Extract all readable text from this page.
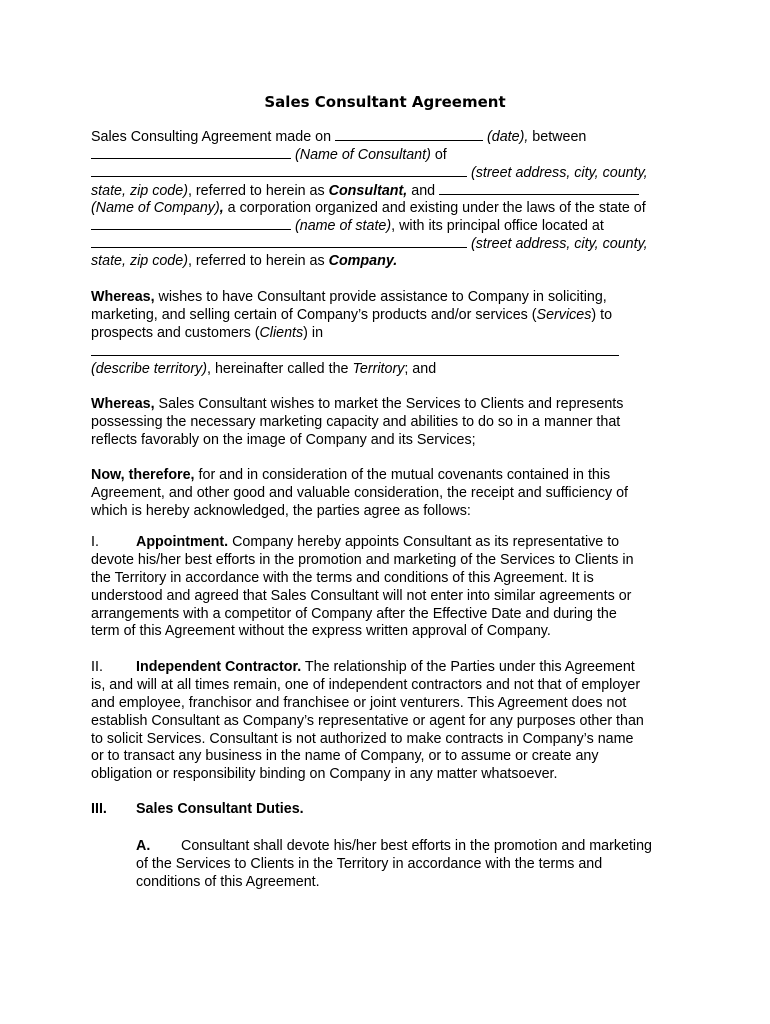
Sales Consultant Agreement
Sales Consulting Agreement made on	(date), between
(Name of Consultant) of
(street address, city, county,
state, zip code), referred to herein as Consultant, and
(Name of Company), a corporation organized and existing under the laws of the state of
(name of state), with its principal office located at
(street address, city, county,
state, zip code), referred to herein as Company.
Whereas, wishes to have Consultant provide assistance to Company in soliciting,
marketing, and selling certain of Company’s products and/or services (Services) to
prospects and customers (Clients) in
(describe territory), hereinafter called the Territory; and
Whereas, Sales Consultant wishes to market the Services to Clients and represents
possessing the necessary marketing capacity and abilities to do so in a manner that
reflects favorably on the image of Company and its Services;
Now, therefore, for and in consideration of the mutual covenants contained in this
Agreement, and other good and valuable consideration, the receipt and sufficiency of
which is hereby acknowledged, the parties agree as follows:
I.	Appointment. Company hereby appoints Consultant as its representative to
devote his/her best efforts in the promotion and marketing of the Services to Clients in
the Territory in accordance with the terms and conditions of this Agreement. It is
understood and agreed that Sales Consultant will not enter into similar agreements or
arrangements with a competitor of Company after the Effective Date and during the
term of this Agreement without the express written approval of Company.
II. Independent Contractor. The relationship of the Parties under this Agreement
is, and will at all times remain, one of independent contractors and not that of employer
and employee, franchisor and franchisee or joint venturers. This Agreement does not
establish Consultant as Company’s representative or agent for any purposes other than
to solicit Services. Consultant is not authorized to make contracts in Company’s name
or to transact any business in the name of Company, or to assume or create any
obligation or responsibility binding on Company in any matter whatsoever.
III. Sales Consultant Duties.
A. Consultant shall devote his/her best efforts in the promotion and marketing
of the Services to Clients in the Territory in accordance with the terms and
conditions of this Agreement.
